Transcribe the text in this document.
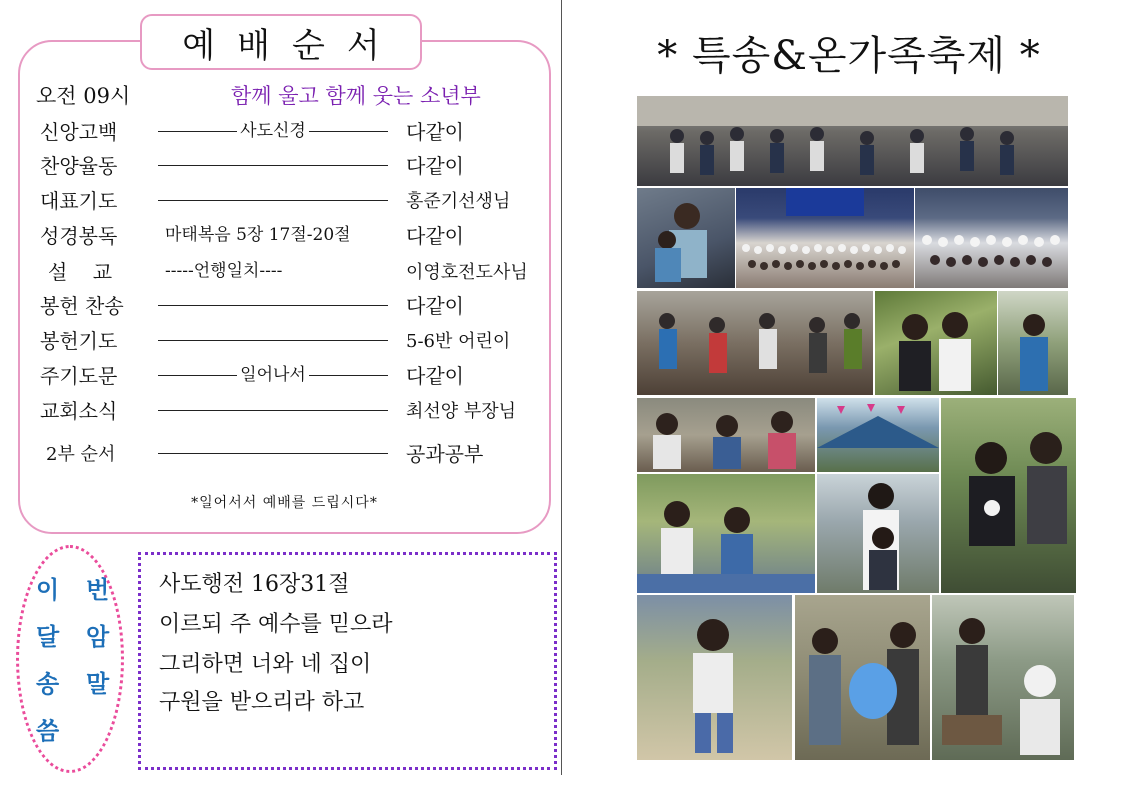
예배순서
오전 09시	함께 울고 함께 웃는 소년부
신앙고백	사도신경	다같이
찬양율동	다같이
대표기도	홍준기선생님
성경봉독	마태복음 5장 17절-20절	다같이
설    교	-----언행일치----	이영호전도사님
봉헌 찬송	다같이
봉헌기도	5-6반 어린이
주기도문	일어나서	다같이
교회소식	최선양 부장님
2부 순서	공과공부
*일어서서 예배를 드립시다*
이 번
달 암
송 말
씀
사도행전 16장31절
이르되 주 예수를 믿으라
그리하면 너와 네 집이
구원을 받으리라 하고
* 특송&온가족축제 *
